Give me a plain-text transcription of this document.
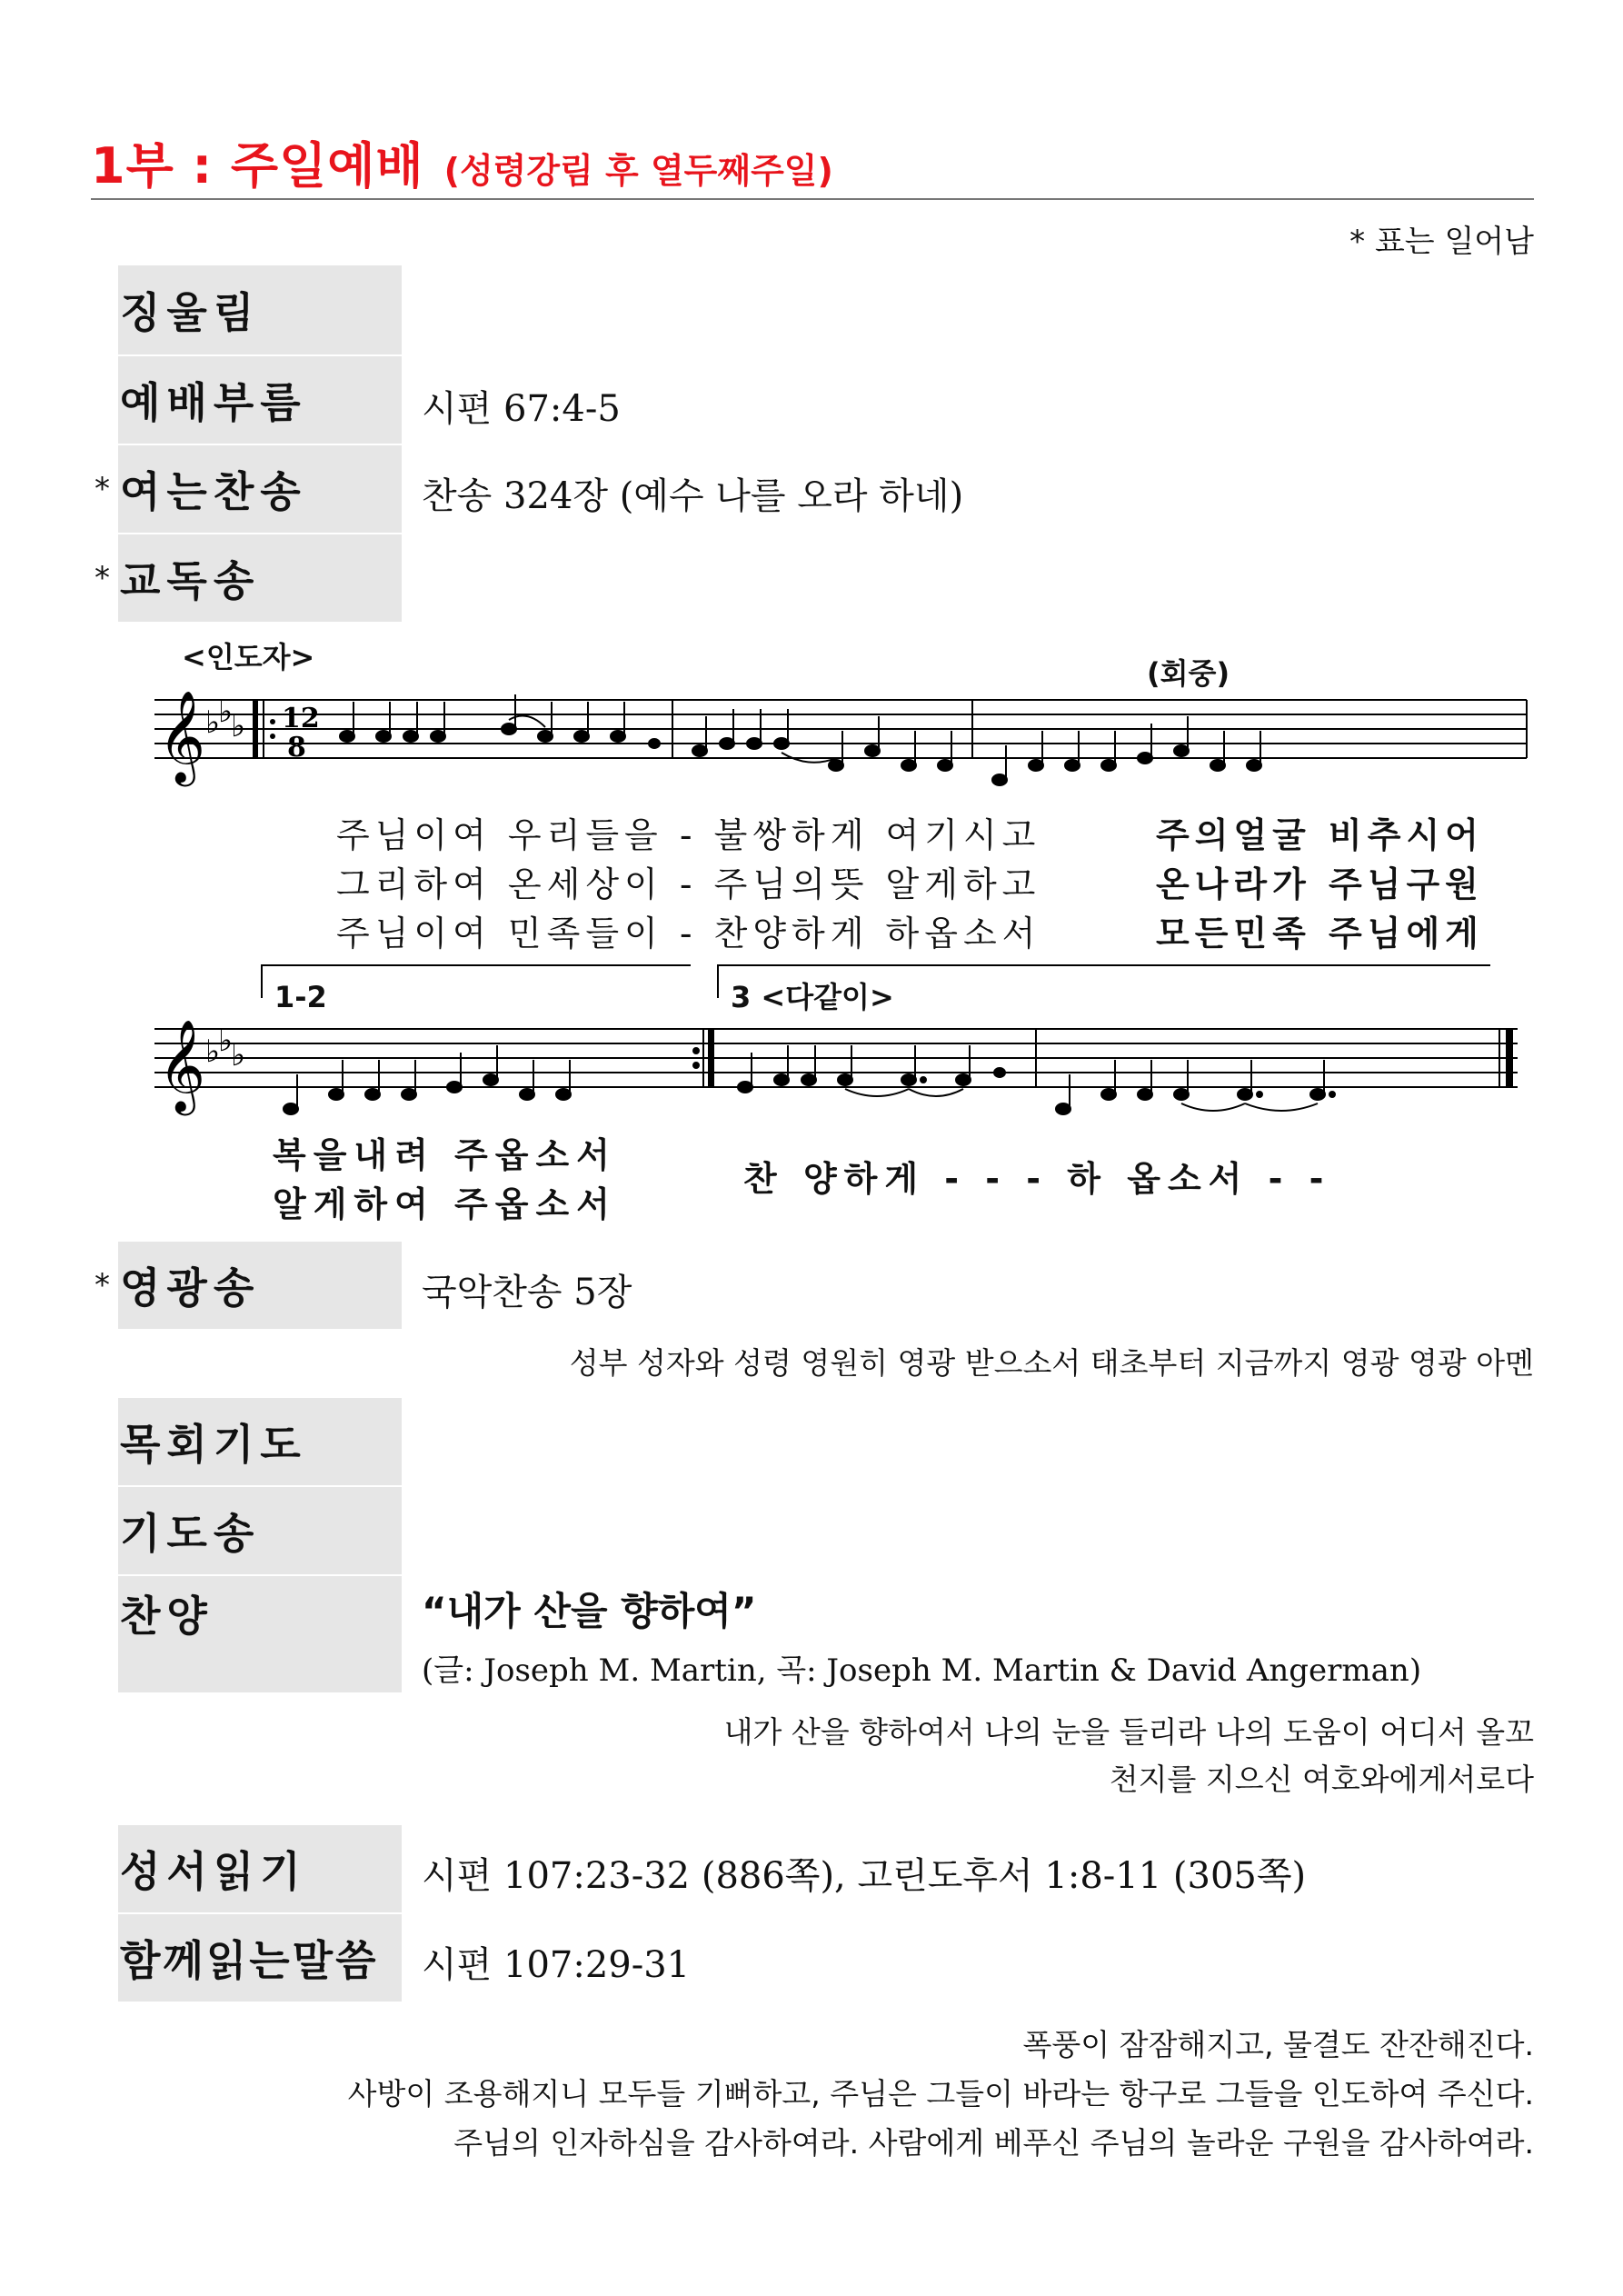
1부 : 주일예배 (성령강림 후 열두째주일)
* 표는 일어남
징울림
예배부름	시편 67:4-5
* 여는찬송	찬송 324장 (예수 나를 오라 하네)
* 교독송
<인도자>	(회중)
𝄞 ♭
♭
♭ 12
8
주님이여 우리들을 - 불쌍하게 여기시고	주의얼굴 비추시어
그리하여 온세상이 - 주님의뜻 알게하고	온나라가 주님구원
주님이여 민족들이 - 찬양하게 하옵소서	모든민족 주님에게
1-2	3 <다같이>
𝄞 ♭
♭
♭
복을내려 주옵소서
알게하여 주옵소서
찬 양하게 - - - 하 옵소서 - -
* 영광송	국악찬송 5장
성부 성자와 성령 영원히 영광 받으소서 태초부터 지금까지 영광 영광 아멘
목회기도
기도송
찬양	“내가 산을 향하여”
(글: Joseph M. Martin, 곡: Joseph M. Martin & David Angerman)
내가 산을 향하여서 나의 눈을 들리라 나의 도움이 어디서 올꼬
천지를 지으신 여호와에게서로다
성서읽기	시편 107:23-32 (886쪽), 고린도후서 1:8-11 (305쪽)
함께읽는말씀	시편 107:29-31
폭풍이 잠잠해지고, 물결도 잔잔해진다.
사방이 조용해지니 모두들 기뻐하고, 주님은 그들이 바라는 항구로 그들을 인도하여 주신다.
주님의 인자하심을 감사하여라. 사람에게 베푸신 주님의 놀라운 구원을 감사하여라.
